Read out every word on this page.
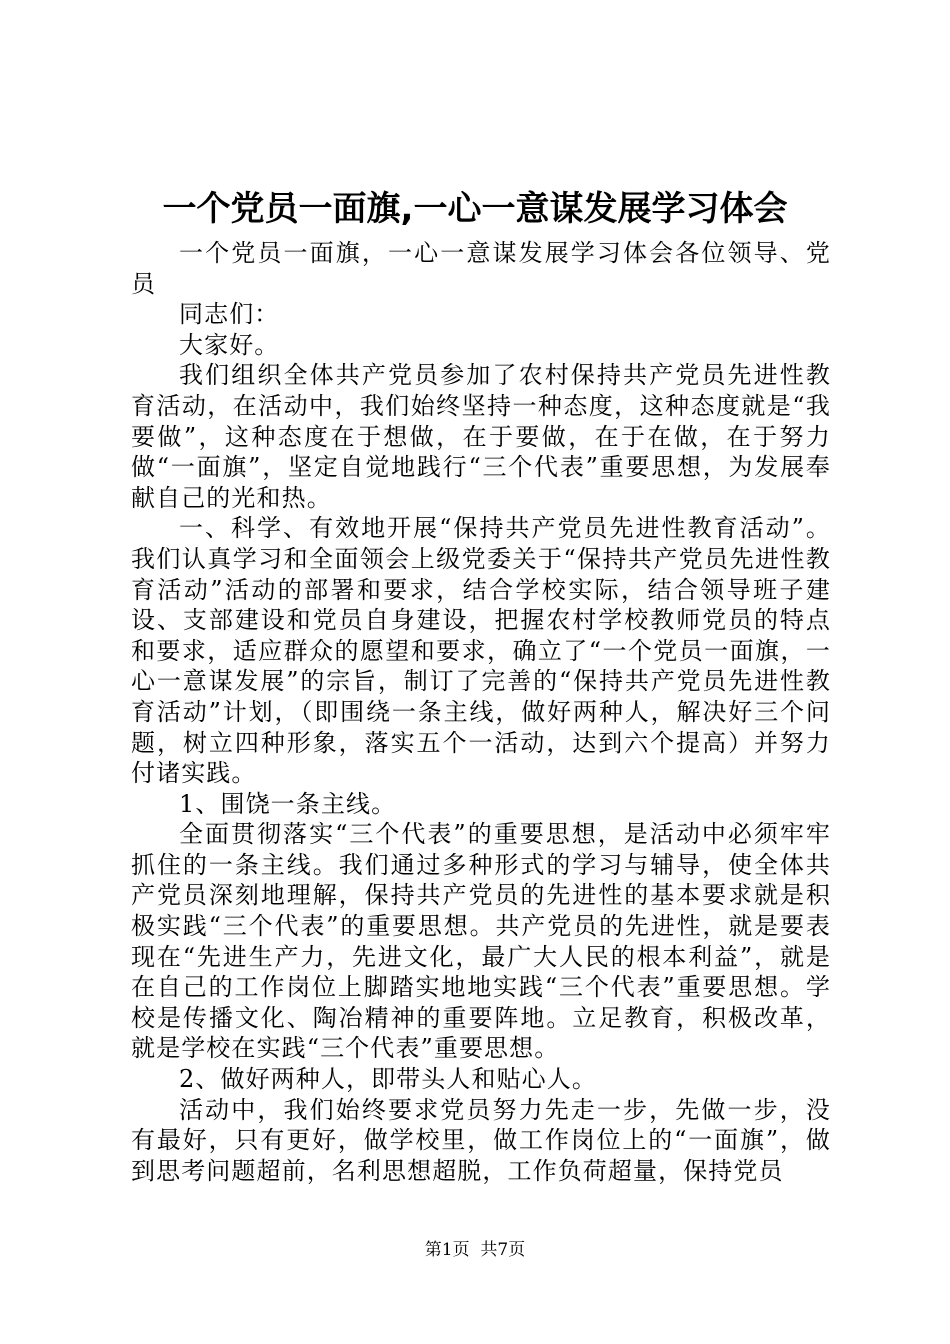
一个党员一面旗,一心一意谋发展学习体会

一个党员一面旗，一心一意谋发展学习体会各位领导、党员

同志们：

大家好。

我们组织全体共产党员参加了农村保持共产党员先进性教育活动，在活动中，我们始终坚持一种态度，这种态度就是“我要做”，这种态度在于想做，在于要做，在于在做，在于努力做“一面旗”，坚定自觉地践行“三个代表”重要思想，为发展奉献自己的光和热。

一、科学、有效地开展“保持共产党员先进性教育活动”。我们认真学习和全面领会上级党委关于“保持共产党员先进性教育活动”活动的部署和要求，结合学校实际，结合领导班子建设、支部建设和党员自身建设，把握农村学校教师党员的特点和要求，适应群众的愿望和要求，确立了“一个党员一面旗，一心一意谋发展”的宗旨，制订了完善的“保持共产党员先进性教育活动”计划，（即围绕一条主线，做好两种人，解决好三个问题，树立四种形象，落实五个一活动，达到六个提高）并努力付诸实践。

1、围饶一条主线。

全面贯彻落实“三个代表”的重要思想，是活动中必须牢牢抓住的一条主线。我们通过多种形式的学习与辅导，使全体共产党员深刻地理解，保持共产党员的先进性的基本要求就是积极实践“三个代表”的重要思想。共产党员的先进性，就是要表现在“先进生产力，先进文化，最广大人民的根本利益”，就是在自己的工作岗位上脚踏实地地实践“三个代表”重要思想。学校是传播文化、陶冶精神的重要阵地。立足教育，积极改革，就是学校在实践“三个代表”重要思想。

2、做好两种人，即带头人和贴心人。

活动中，我们始终要求党员努力先走一步，先做一步，没有最好，只有更好，做学校里，做工作岗位上的“一面旗”，做到思考问题超前，名利思想超脱，工作负荷超量，保持党员

第1页 共7页
